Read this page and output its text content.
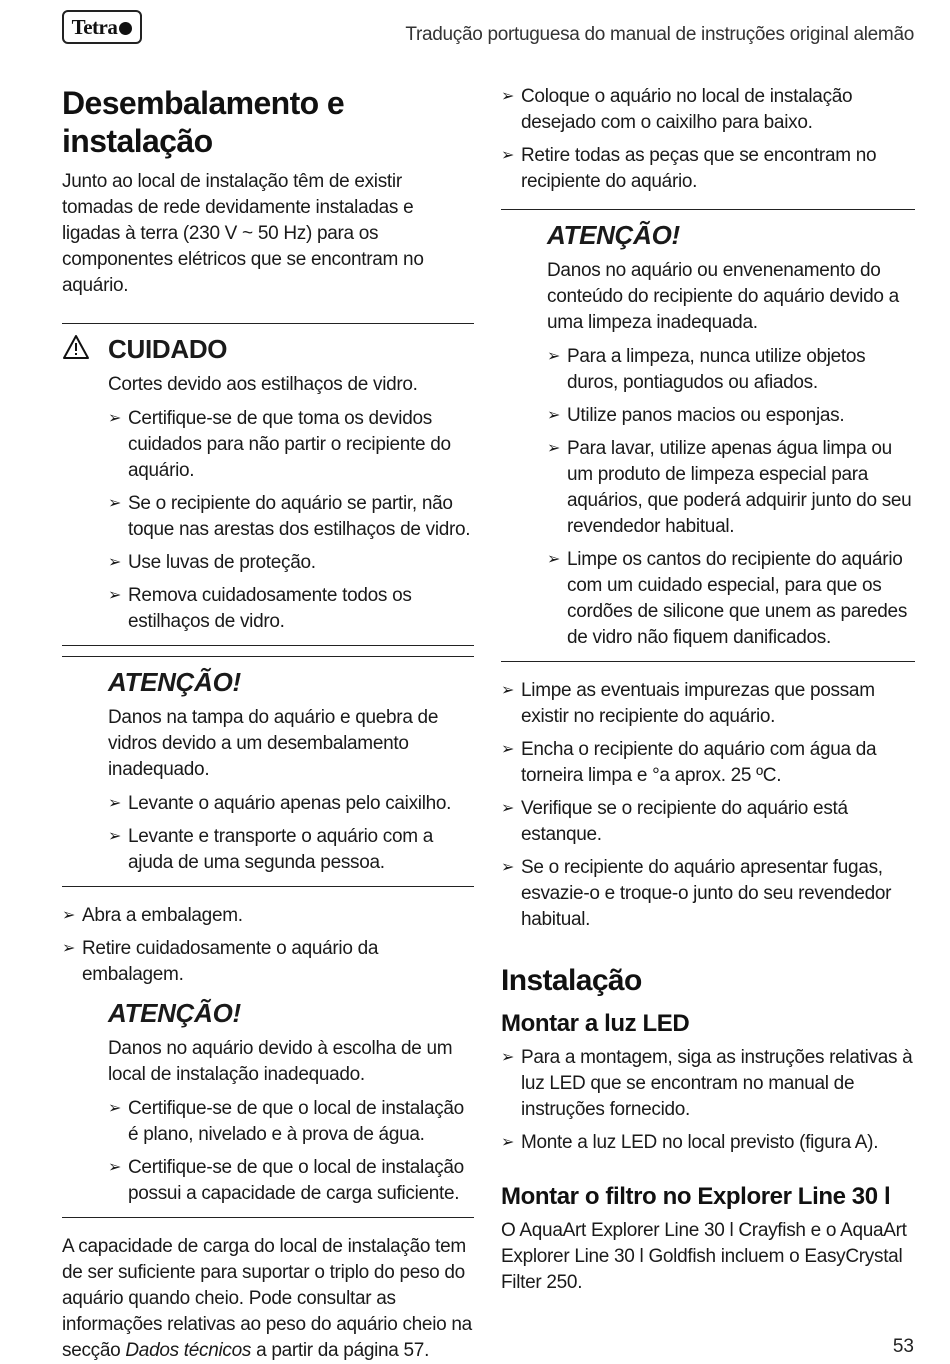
Tetra	Tradução portuguesa do manual de instruções original alemão
Desembalamento e instalação

Junto ao local de instalação têm de existir tomadas de rede devidamente instaladas e ligadas à terra (230 V ~ 50 Hz) para os componentes elétricos que se encontram no aquário.

CUIDADO

Cortes devido aos estilhaços de vidro.

➢ Certifique-se de que toma os devidos cuidados para não partir o recipiente do aquário.
➢ Se o recipiente do aquário se partir, não toque nas arestas dos estilhaços de vidro.
➢ Use luvas de proteção.
➢ Remova cuidadosamente todos os estilhaços de vidro.
ATENÇÃO!

Danos na tampa do aquário e quebra de vidros devido a um desembalamento inadequado.

➢ Levante o aquário apenas pelo caixilho.
➢ Levante e transporte o aquário com a ajuda de uma segunda pessoa.
➢ Abra a embalagem.
➢ Retire cuidadosamente o aquário da embalagem.
ATENÇÃO!

Danos no aquário devido à escolha de um local de instalação inadequado.

➢ Certifique-se de que o local de instalação é plano, nivelado e à prova de água.
➢ Certifique-se de que o local de instalação possui a capacidade de carga suficiente.

A capacidade de carga do local de instalação tem de ser suficiente para suportar o triplo do peso do aquário quando cheio. Pode consultar as informações relativas ao peso do aquário cheio na secção Dados técnicos a partir da página 57.

➢ Coloque o aquário no local de instalação desejado com o caixilho para baixo.
➢ Retire todas as peças que se encontram no recipiente do aquário.
ATENÇÃO!

Danos no aquário ou envenenamento do conteúdo do recipiente do aquário devido a uma limpeza inadequada.

➢ Para a limpeza, nunca utilize objetos duros, pontiagudos ou afiados.
➢ Utilize panos macios ou esponjas.
➢ Para lavar, utilize apenas água limpa ou um produto de limpeza especial para aquários, que poderá adquirir junto do seu revendedor habitual.
➢ Limpe os cantos do recipiente do aquário com um cuidado especial, para que os cordões de silicone que unem as paredes de vidro não fiquem danificados.
➢ Limpe as eventuais impurezas que possam existir no recipiente do aquário.
➢ Encha o recipiente do aquário com água da torneira limpa e °a aprox. 25 ºC.
➢ Verifique se o recipiente do aquário está estanque.
➢ Se o recipiente do aquário apresentar fugas, esvazie-o e troque-o junto do seu revendedor habitual.
Instalação
Montar a luz LED
➢ Para a montagem, siga as instruções relativas à luz LED que se encontram no manual de instruções fornecido.
➢ Monte a luz LED no local previsto (figura A).
Montar o filtro no Explorer Line 30 l

O AquaArt Explorer Line 30 l Crayfish e o AquaArt Explorer Line 30 l Goldfish incluem o EasyCrystal Filter 250.

53
